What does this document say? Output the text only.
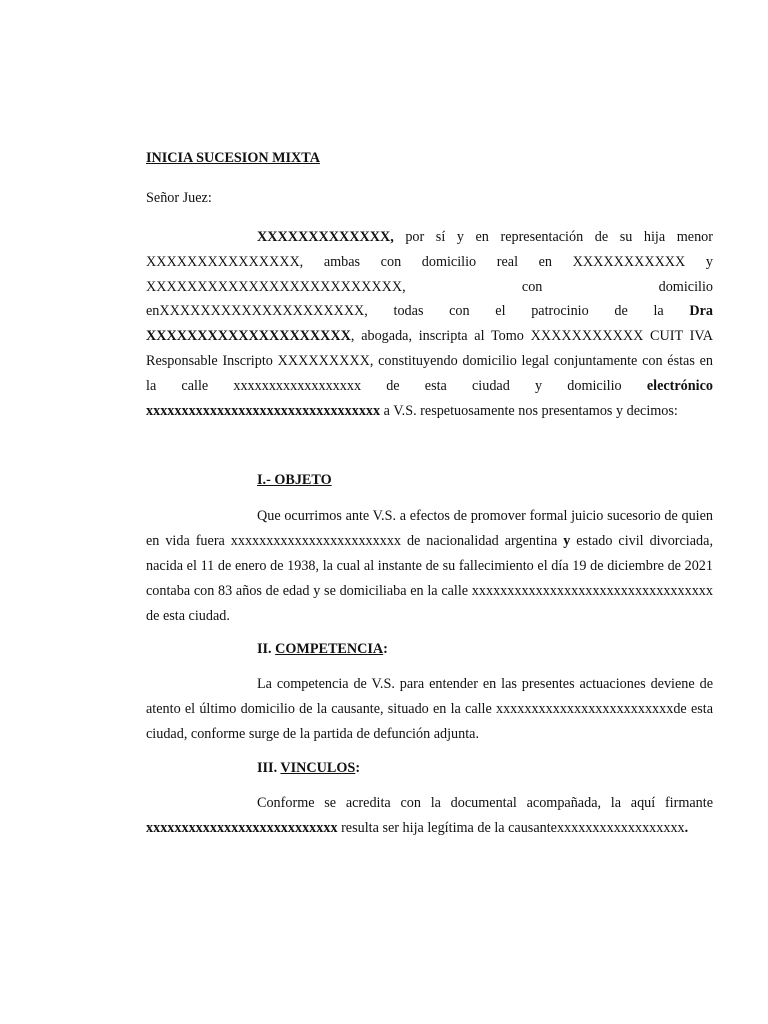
INICIA SUCESION MIXTA

Señor Juez:

XXXXXXXXXXXXX, por sí y en representación de su hija menor XXXXXXXXXXXXXXX, ambas con domicilio real en XXXXXXXXXXX y XXXXXXXXXXXXXXXXXXXXXXXXX, con domicilio enXXXXXXXXXXXXXXXXXXXX, todas con el patrocinio de la Dra XXXXXXXXXXXXXXXXXXXX, abogada, inscripta al Tomo XXXXXXXXXXX CUIT IVA Responsable Inscripto XXXXXXXXX, constituyendo domicilio legal conjuntamente con éstas en la calle xxxxxxxxxxxxxxxxxx de esta ciudad y domicilio electrónico xxxxxxxxxxxxxxxxxxxxxxxxxxxxxxxxx a V.S. respetuosamente nos presentamos y decimos:

I.- OBJETO

Que ocurrimos ante V.S. a efectos de promover formal juicio sucesorio de quien en vida fuera xxxxxxxxxxxxxxxxxxxxxxxx de nacionalidad argentina y estado civil divorciada, nacida el 11 de enero de 1938, la cual al instante de su fallecimiento el día 19 de diciembre de 2021 contaba con 83 años de edad y se domiciliaba en la calle xxxxxxxxxxxxxxxxxxxxxxxxxxxxxxxxxx de esta ciudad.

II. COMPETENCIA:

La competencia de V.S. para entender en las presentes actuaciones deviene de atento el último domicilio de la causante, situado en la calle xxxxxxxxxxxxxxxxxxxxxxxxxde esta ciudad, conforme surge de la partida de defunción adjunta.

III. VINCULOS:

Conforme se acredita con la documental acompañada, la aquí firmante xxxxxxxxxxxxxxxxxxxxxxxxxxx resulta ser hija legítima de la causantexxxxxxxxxxxxxxxxxx.
